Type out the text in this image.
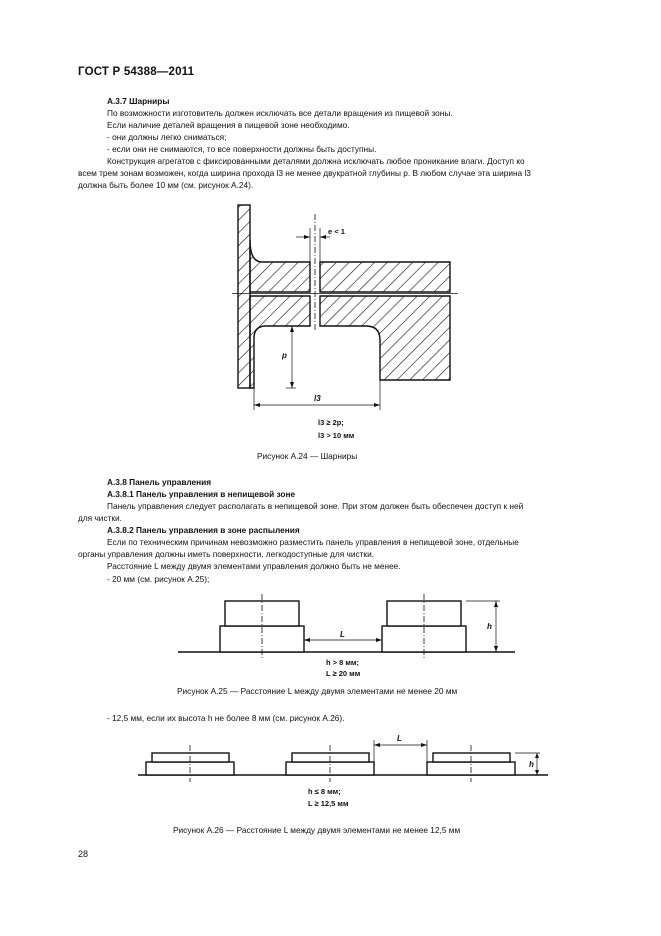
ГОСТ Р 54388—2011
А.3.7 Шарниры
По возможности изготовитель должен исключать все детали вращения из пищевой зоны.
Если наличие деталей вращения в пищевой зоне необходимо.
- они должны легко сниматься;
- если они не снимаются, то все поверхности должны быть доступны.
Конструкция агрегатов с фиксированными деталями должна исключать любое проникание влаги. Доступ ко
всем трем зонам возможен, когда ширина прохода l3 не менее двукратной глубины p. В любом случае эта ширина l3
должна быть более 10 мм (см. рисунок А.24).
e < 1
p
l3
l3 ≥ 2p;
l3 > 10 мм
Рисунок А.24 — Шарниры
А.3.8 Панель управления
А.3.8.1 Панель управления в непищевой зоне
Панель управления следует располагать в непищевой зоне. При этом должен быть обеспечен доступ к ней
для чистки.
А.3.8.2 Панель управления в зоне распыления
Если по техническим причинам невозможно разместить панель управления в непищевой зоне, отдельные
органы управления должны иметь поверхности, легкодоступные для чистки.
Расстояние L между двумя элементами управления должно быть не менее.
- 20 мм (см. рисунок А.25);
L
h
h > 8 мм;
L ≥ 20 мм
Рисунок А.25 — Расстояние L между двумя элементами не менее 20 мм
- 12,5 мм, если их высота h не более 8 мм (см. рисунок А.26).
L
h
h ≤ 8 мм;
L ≥ 12,5 мм
Рисунок А.26 — Расстояние L между двумя элементами не менее 12,5 мм
28
